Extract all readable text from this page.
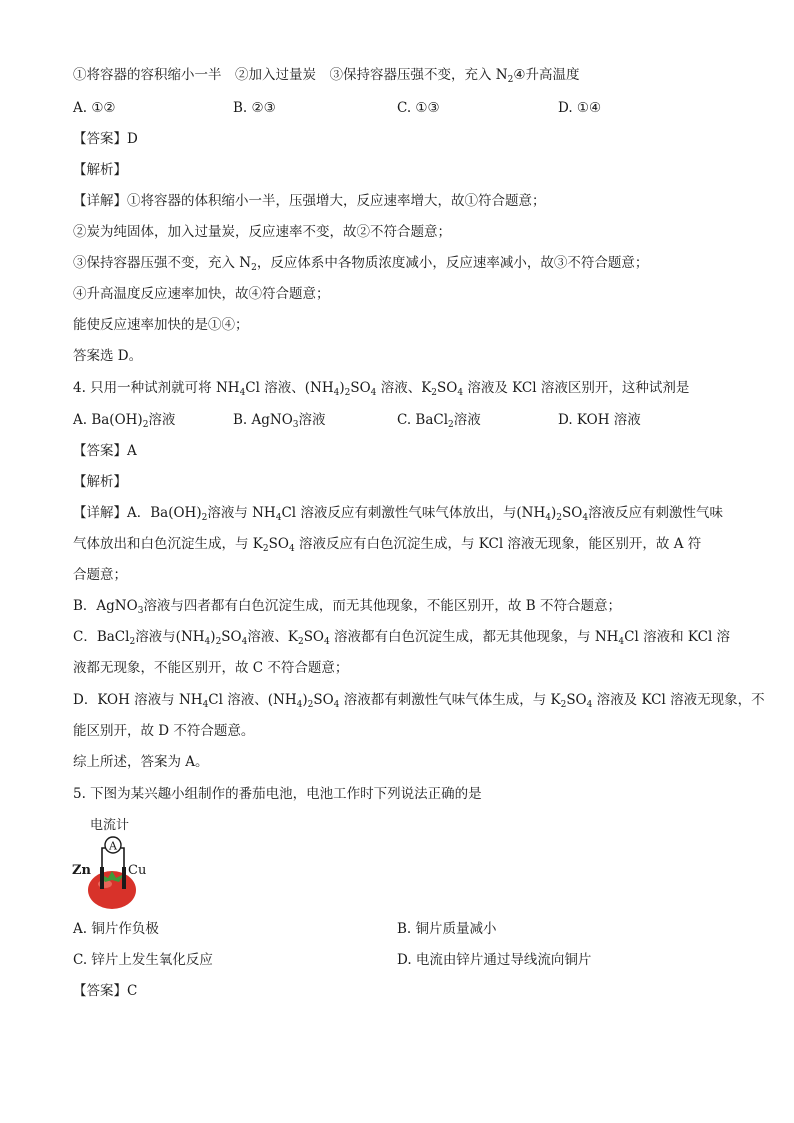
①将容器的容积缩小一半　②加入过量炭　③保持容器压强不变，充入 $N_2④$升高温度
A. ①②	B. ②③	C. ①③	D. ①④
【答案】D
【解析】
【详解】①将容器的体积缩小一半，压强增大，反应速率增大，故①符合题意；
②炭为纯固体，加入过量炭，反应速率不变，故②不符合题意；
③保持容器压强不变，充入 $N_2$，反应体系中各物质浓度减小，反应速率减小，故③不符合题意；
④升高温度反应速率加快，故④符合题意；
能使反应速率加快的是①④；
答案选 D。
4. 只用一种试剂就可将 $NH_4Cl$ 溶液、$(NH_4)_2SO_4$ 溶液、$K_2SO_4$ 溶液及 KCl 溶液区别开，这种试剂是
A. $Ba(OH)_2$溶液	B. AgNO$_3$溶液	C. BaCl$_2$溶液	D. KOH 溶液
【答案】A
【解析】
【详解】A．$Ba(OH)_2$溶液与 $NH_4Cl$ 溶液反应有刺激性气味气体放出，与$(NH_4)_2SO_4$溶液反应有刺激性气味
气体放出和白色沉淀生成，与 $K_2SO_4$ 溶液反应有白色沉淀生成，与 KCl 溶液无现象，能区别开，故 A 符
合题意；
B．AgNO$_3$溶液与四者都有白色沉淀生成，而无其他现象，不能区别开，故 B 不符合题意；
C．BaCl$_2$溶液与$(NH_4)_2SO_4$溶液、$K_2SO_4$ 溶液都有白色沉淀生成，都无其他现象，与 $NH_4Cl$ 溶液和 KCl 溶
液都无现象，不能区别开，故 C 不符合题意；
D．KOH 溶液与 $NH_4Cl$ 溶液、$(NH_4)_2SO_4$ 溶液都有刺激性气味气体生成，与 $K_2SO_4$ 溶液及 KCl 溶液无现象，不
能区别开，故 D 不符合题意。
综上所述，答案为 A。
5. 下图为某兴趣小组制作的番茄电池，电池工作时下列说法正确的是
电流计
A
Zn	Cu
A. 铜片作负极	B. 铜片质量减小
C. 锌片上发生氧化反应	D. 电流由锌片通过导线流向铜片
【答案】C
